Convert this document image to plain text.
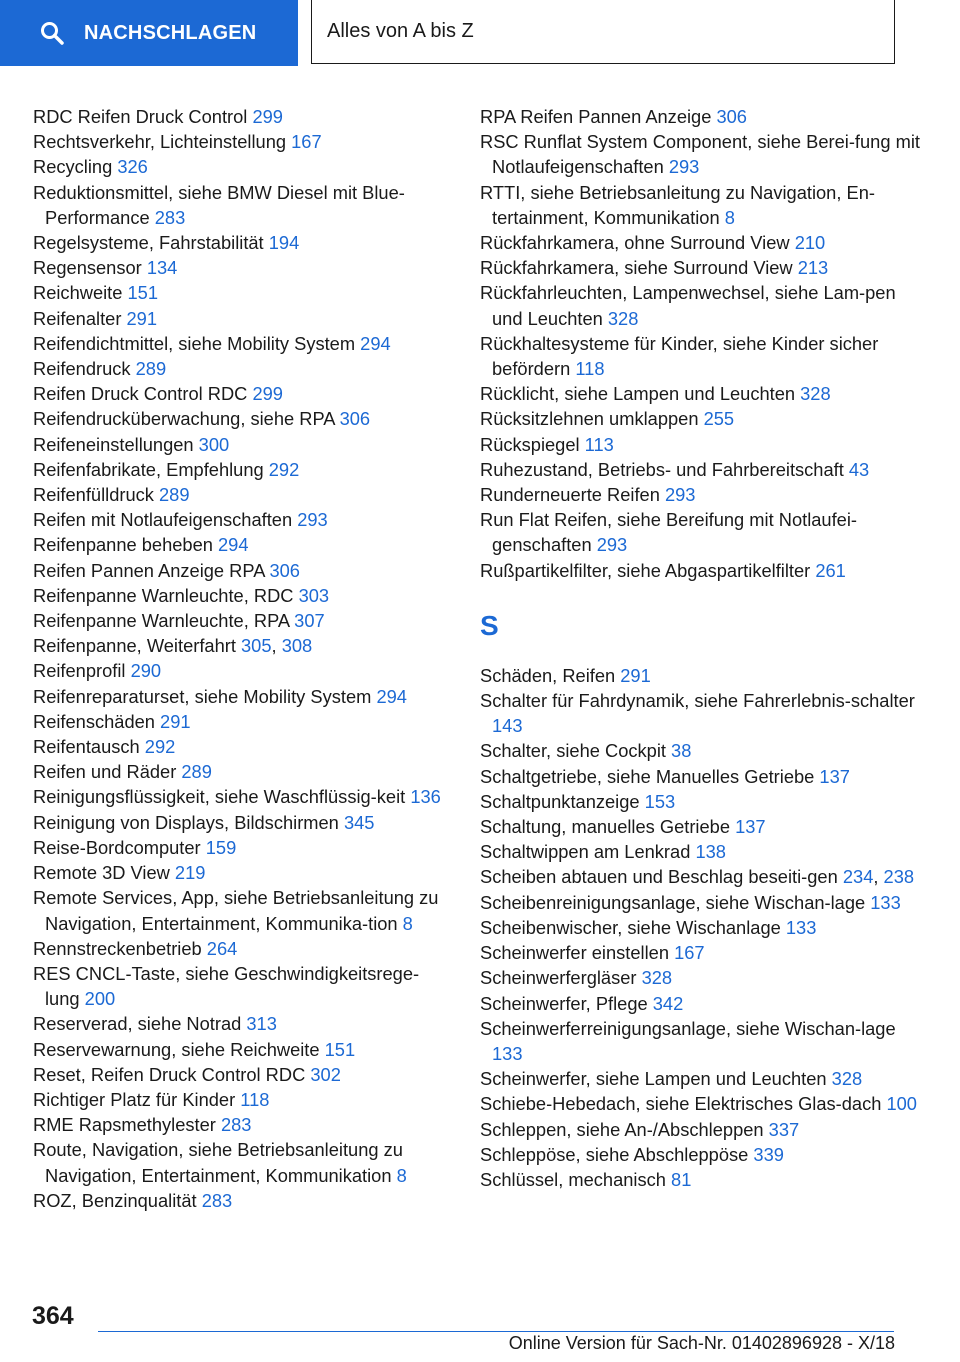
NACHSCHLAGEN	Alles von A bis Z
RDC Reifen Druck Control 299
Rechtsverkehr, Lichteinstellung 167
Recycling 326
Reduktionsmittel, siehe BMW Diesel mit Blue-Performance 283
Regelsysteme, Fahrstabilität 194
Regensensor 134
Reichweite 151
Reifenalter 291
Reifendichtmittel, siehe Mobility System 294
Reifendruck 289
Reifen Druck Control RDC 299
Reifendrucküberwachung, siehe RPA 306
Reifeneinstellungen 300
Reifenfabrikate, Empfehlung 292
Reifenfülldruck 289
Reifen mit Notlaufeigenschaften 293
Reifenpanne beheben 294
Reifen Pannen Anzeige RPA 306
Reifenpanne Warnleuchte, RDC 303
Reifenpanne Warnleuchte, RPA 307
Reifenpanne, Weiterfahrt 305, 308
Reifenprofil 290
Reifenreparaturset, siehe Mobility System 294
Reifenschäden 291
Reifentausch 292
Reifen und Räder 289
Reinigungsflüssigkeit, siehe Waschflüssig-keit 136
Reinigung von Displays, Bildschirmen 345
Reise-Bordcomputer 159
Remote 3D View 219
Remote Services, App, siehe Betriebsanleitung zu Navigation, Entertainment, Kommunika-tion 8
Rennstreckenbetrieb 264
RES CNCL-Taste, siehe Geschwindigkeitsrege-lung 200
Reserverad, siehe Notrad 313
Reservewarnung, siehe Reichweite 151
Reset, Reifen Druck Control RDC 302
Richtiger Platz für Kinder 118
RME Rapsmethylester 283
Route, Navigation, siehe Betriebsanleitung zu Navigation, Entertainment, Kommunikation 8
ROZ, Benzinqualität 283
RPA Reifen Pannen Anzeige 306
RSC Runflat System Component, siehe Berei-fung mit Notlaufeigenschaften 293
RTTI, siehe Betriebsanleitung zu Navigation, En-tertainment, Kommunikation 8
Rückfahrkamera, ohne Surround View 210
Rückfahrkamera, siehe Surround View 213
Rückfahrleuchten, Lampenwechsel, siehe Lam-pen und Leuchten 328
Rückhaltesysteme für Kinder, siehe Kinder sicher befördern 118
Rücklicht, siehe Lampen und Leuchten 328
Rücksitzlehnen umklappen 255
Rückspiegel 113
Ruhezustand, Betriebs- und Fahrbereitschaft 43
Runderneuerte Reifen 293
Run Flat Reifen, siehe Bereifung mit Notlaufei-genschaften 293
Rußpartikelfilter, siehe Abgaspartikelfilter 261
S
Schäden, Reifen 291
Schalter für Fahrdynamik, siehe Fahrerlebnis-schalter 143
Schalter, siehe Cockpit 38
Schaltgetriebe, siehe Manuelles Getriebe 137
Schaltpunktanzeige 153
Schaltung, manuelles Getriebe 137
Schaltwippen am Lenkrad 138
Scheiben abtauen und Beschlag beseiti-gen 234, 238
Scheibenreinigungsanlage, siehe Wischan-lage 133
Scheibenwischer, siehe Wischanlage 133
Scheinwerfer einstellen 167
Scheinwerfergläser 328
Scheinwerfer, Pflege 342
Scheinwerferreinigungsanlage, siehe Wischan-lage 133
Scheinwerfer, siehe Lampen und Leuchten 328
Schiebe-Hebedach, siehe Elektrisches Glas-dach 100
Schleppen, siehe An-/Abschleppen 337
Schleppöse, siehe Abschleppöse 339
Schlüssel, mechanisch 81
364
Online Version für Sach-Nr. 01402896928 - X/18
